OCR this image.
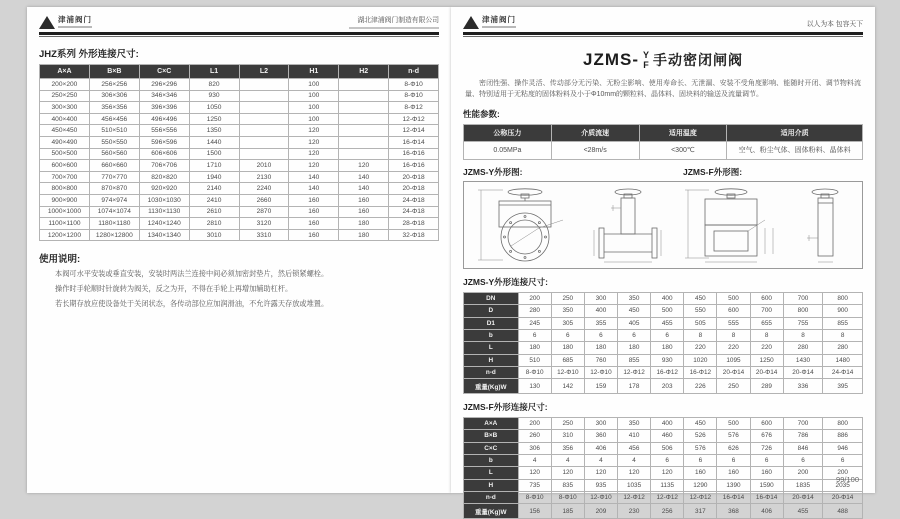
津浦阀门	湖北津浦阀门制造有限公司
JHZ系列 外形连接尺寸:
A×A	B×B	C×C	L1	L2	H1	H2	n-d
200×200	256×256	296×296	820		100		8-Φ10
250×250	306×306	346×346	930		100		8-Φ10
300×300	356×356	396×396	1050		100		8-Φ12
400×400	456×456	496×496	1250		100		12-Φ12
450×450	510×510	556×556	1350		120		12-Φ14
490×490	550×550	596×596	1440		120		16-Φ14
500×500	560×560	606×606	1500		120		16-Φ16
600×600	660×660	706×706	1710	2010	120	120	16-Φ16
700×700	770×770	820×820	1940	2130	140	140	20-Φ18
800×800	870×870	920×920	2140	2240	140	140	20-Φ18
900×900	974×974	1030×1030	2410	2660	160	160	24-Φ18
1000×1000	1074×1074	1130×1130	2610	2870	160	160	24-Φ18
1100×1100	1180×1180	1240×1240	2810	3120	160	180	28-Φ18
1200×1200	1280×12800	1340×1340	3010	3310	160	180	32-Φ18
使用说明:
本阀可水平安装或垂直安装，安装时两法兰连接中间必须加密封垫片，然后锁紧螺栓。
操作时手轮顺时针旋转为阀关，反之为开，不得在手轮上再增加辅助杠杆。
若长期存放应使设备处于关闭状态，各传动部位应加润滑油，不允许露天存放或堆置。
津浦阀门
以人为本 包容天下
JZMS- Y
F 手动密闭闸阀
密闭性强、操作灵活、传动部分无污染、无粉尘影响、使用寿命长、无泄漏、安装不受角度影响、能随时开闭、调节物料流量、特别适用于无粘度的固体粉料及小于Φ10mm的颗粒料、晶体料、固块料的输送及流量调节。
性能参数:
公称压力	介质流速	适用温度	适用介质
0.05MPa	<28m/s	<300℃	空气、粉尘气体、固体粉料、晶体料
JZMS-Y外形图:	JZMS-F外形图:
JZMS-Y外形连接尺寸:
DN	200	250	300	350	400	450	500	600	700	800
D	280	350	400	450	500	550	600	700	800	900
D1	245	305	355	405	455	505	555	655	755	855
b	6	6	6	6	6	8	8	8	8	8
L	180	180	180	180	180	220	220	220	280	280
H	510	685	760	855	930	1020	1095	1250	1430	1480
n-d	8-Φ10	12-Φ10	12-Φ10	12-Φ12	16-Φ12	16-Φ12	20-Φ14	20-Φ14	20-Φ14	24-Φ14
重量(Kg)W	130	142	159	178	203	226	250	289	336	395
JZMS-F外形连接尺寸:
A×A	200	250	300	350	400	450	500	600	700	800
B×B	260	310	360	410	460	526	576	676	786	886
C×C	306	356	406	456	506	576	626	726	846	946
b	4	4	4	4	6	6	6	6	6	6
L	120	120	120	120	120	160	160	160	200	200
H	735	835	935	1035	1135	1290	1390	1590	1835	2035
n-d	8-Φ10	8-Φ10	12-Φ10	12-Φ12	12-Φ12	12-Φ12	16-Φ14	16-Φ14	20-Φ14	20-Φ14
重量(Kg)W	156	185	209	230	256	317	368	406	455	488
99/100
